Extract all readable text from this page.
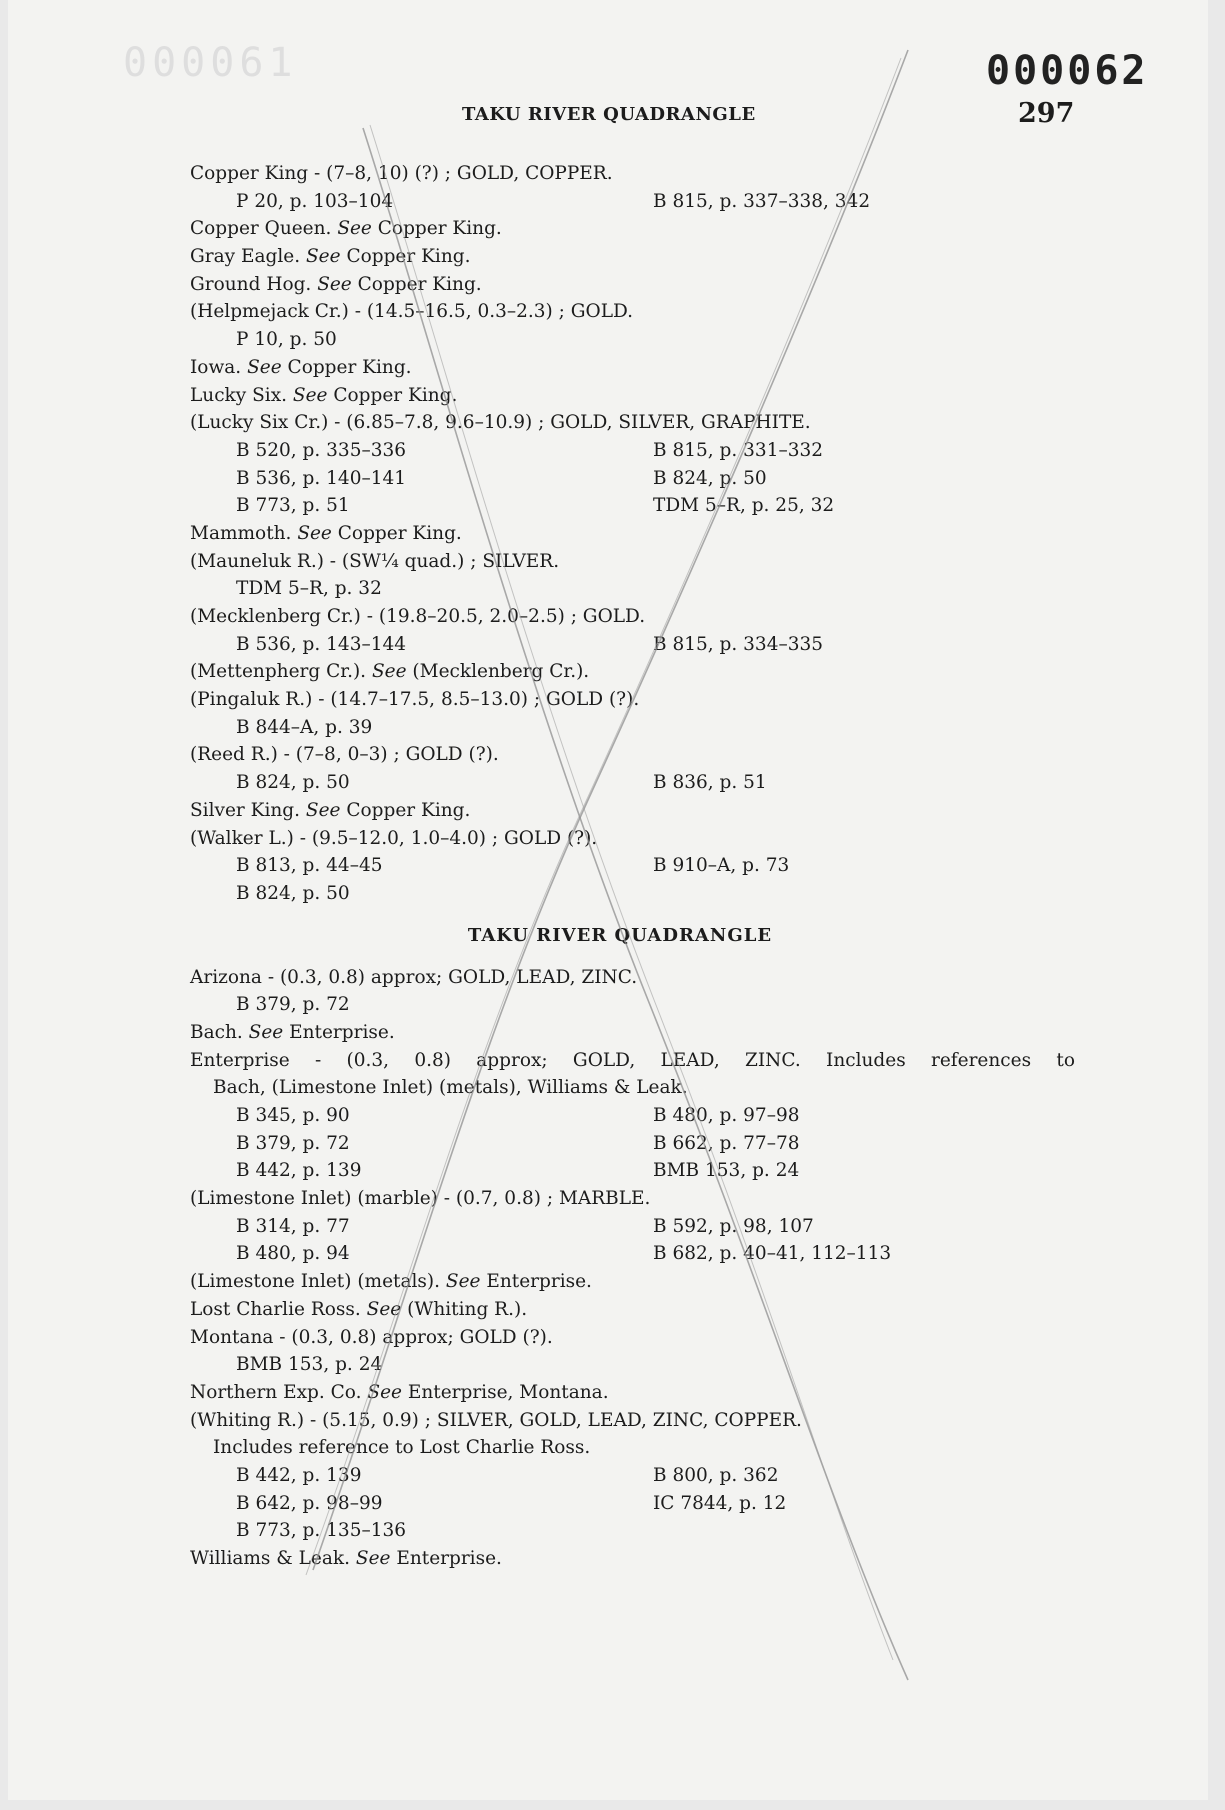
000061	000062
TAKU RIVER QUADRANGLE	297
Copper King - (7–8, 10) (?) ; GOLD, COPPER.
P 20, p. 103–104	B 815, p. 337–338, 342
Copper Queen. See Copper King.
Gray Eagle. See Copper King.
Ground Hog. See Copper King.
(Helpmejack Cr.) - (14.5–16.5, 0.3–2.3) ; GOLD.
P 10, p. 50
Iowa. See Copper King.
Lucky Six. See Copper King.
(Lucky Six Cr.) - (6.85–7.8, 9.6–10.9) ; GOLD, SILVER, GRAPHITE.
B 520, p. 335–336	B 815, p. 331–332
B 536, p. 140–141	B 824, p. 50
B 773, p. 51	TDM 5–R, p. 25, 32
Mammoth. See Copper King.
(Mauneluk R.) - (SW¼ quad.) ; SILVER.
TDM 5–R, p. 32
(Mecklenberg Cr.) - (19.8–20.5, 2.0–2.5) ; GOLD.
B 536, p. 143–144	B 815, p. 334–335
(Mettenpherg Cr.). See (Mecklenberg Cr.).
(Pingaluk R.) - (14.7–17.5, 8.5–13.0) ; GOLD (?).
B 844–A, p. 39
(Reed R.) - (7–8, 0–3) ; GOLD (?).
B 824, p. 50	B 836, p. 51
Silver King. See Copper King.
(Walker L.) - (9.5–12.0, 1.0–4.0) ; GOLD (?).
B 813, p. 44–45	B 910–A, p. 73
B 824, p. 50
TAKU RIVER QUADRANGLE
Arizona - (0.3, 0.8) approx; GOLD, LEAD, ZINC.
B 379, p. 72
Bach. See Enterprise.
Enterprise - (0.3, 0.8) approx; GOLD, LEAD, ZINC. Includes references to
Bach, (Limestone Inlet) (metals), Williams & Leak.
B 345, p. 90	B 480, p. 97–98
B 379, p. 72	B 662, p. 77–78
B 442, p. 139	BMB 153, p. 24
(Limestone Inlet) (marble) - (0.7, 0.8) ; MARBLE.
B 314, p. 77	B 592, p. 98, 107
B 480, p. 94	B 682, p. 40–41, 112–113
(Limestone Inlet) (metals). See Enterprise.
Lost Charlie Ross. See (Whiting R.).
Montana - (0.3, 0.8) approx; GOLD (?).
BMB 153, p. 24
Northern Exp. Co. See Enterprise, Montana.
(Whiting R.) - (5.15, 0.9) ; SILVER, GOLD, LEAD, ZINC, COPPER.
Includes reference to Lost Charlie Ross.
B 442, p. 139	B 800, p. 362
B 642, p. 98–99	IC 7844, p. 12
B 773, p. 135–136
Williams & Leak. See Enterprise.
